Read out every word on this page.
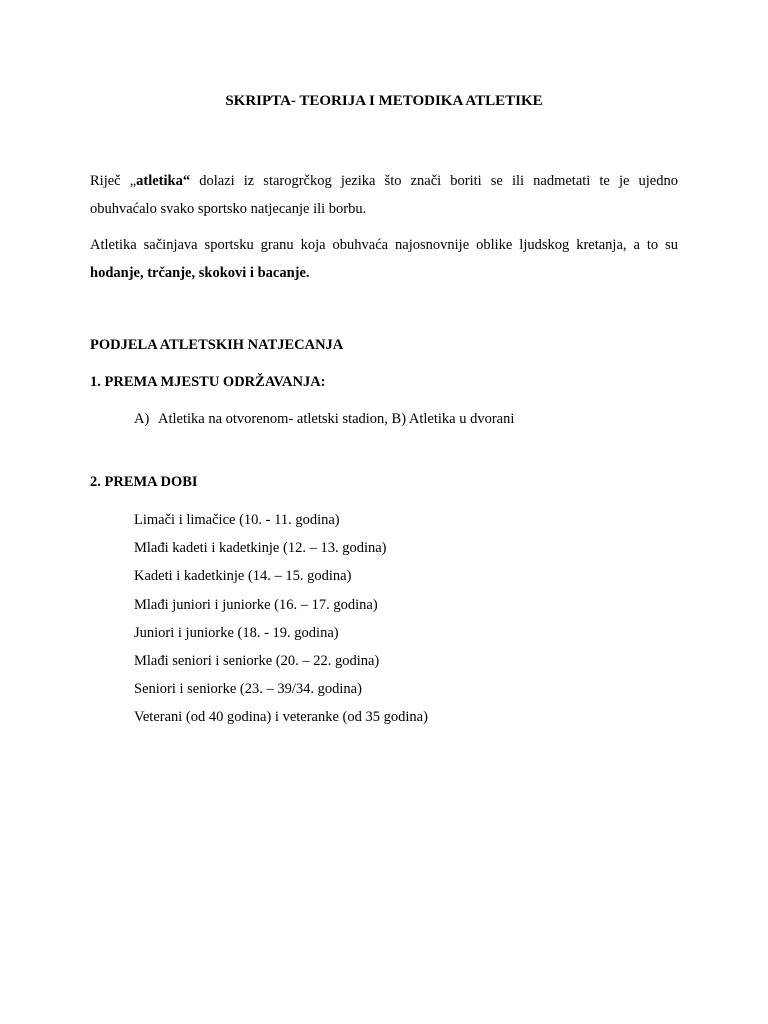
SKRIPTA- TEORIJA I METODIKA ATLETIKE
Riječ „atletika“ dolazi iz starogrčkog jezika što znači boriti se ili nadmetati te je ujedno
obuhvaćalo svako sportsko natjecanje ili borbu.
Atletika sačinjava sportsku granu koja obuhvaća najosnovnije oblike ljudskog kretanja, a to su
hodanje, trčanje, skokovi i bacanje.
PODJELA ATLETSKIH NATJECANJA
1. PREMA MJESTU ODRŽAVANJA:
A) Atletika na otvorenom- atletski stadion, B) Atletika u dvorani
2. PREMA DOBI
Limači i limačice (10. - 11. godina)
Mlađi kadeti i kadetkinje (12. – 13. godina)
Kadeti i kadetkinje (14. – 15. godina)
Mlađi juniori i juniorke (16. – 17. godina)
Juniori i juniorke (18. - 19. godina)
Mlađi seniori i seniorke (20. – 22. godina)
Seniori i seniorke (23. – 39/34. godina)
Veterani (od 40 godina) i veteranke (od 35 godina)
